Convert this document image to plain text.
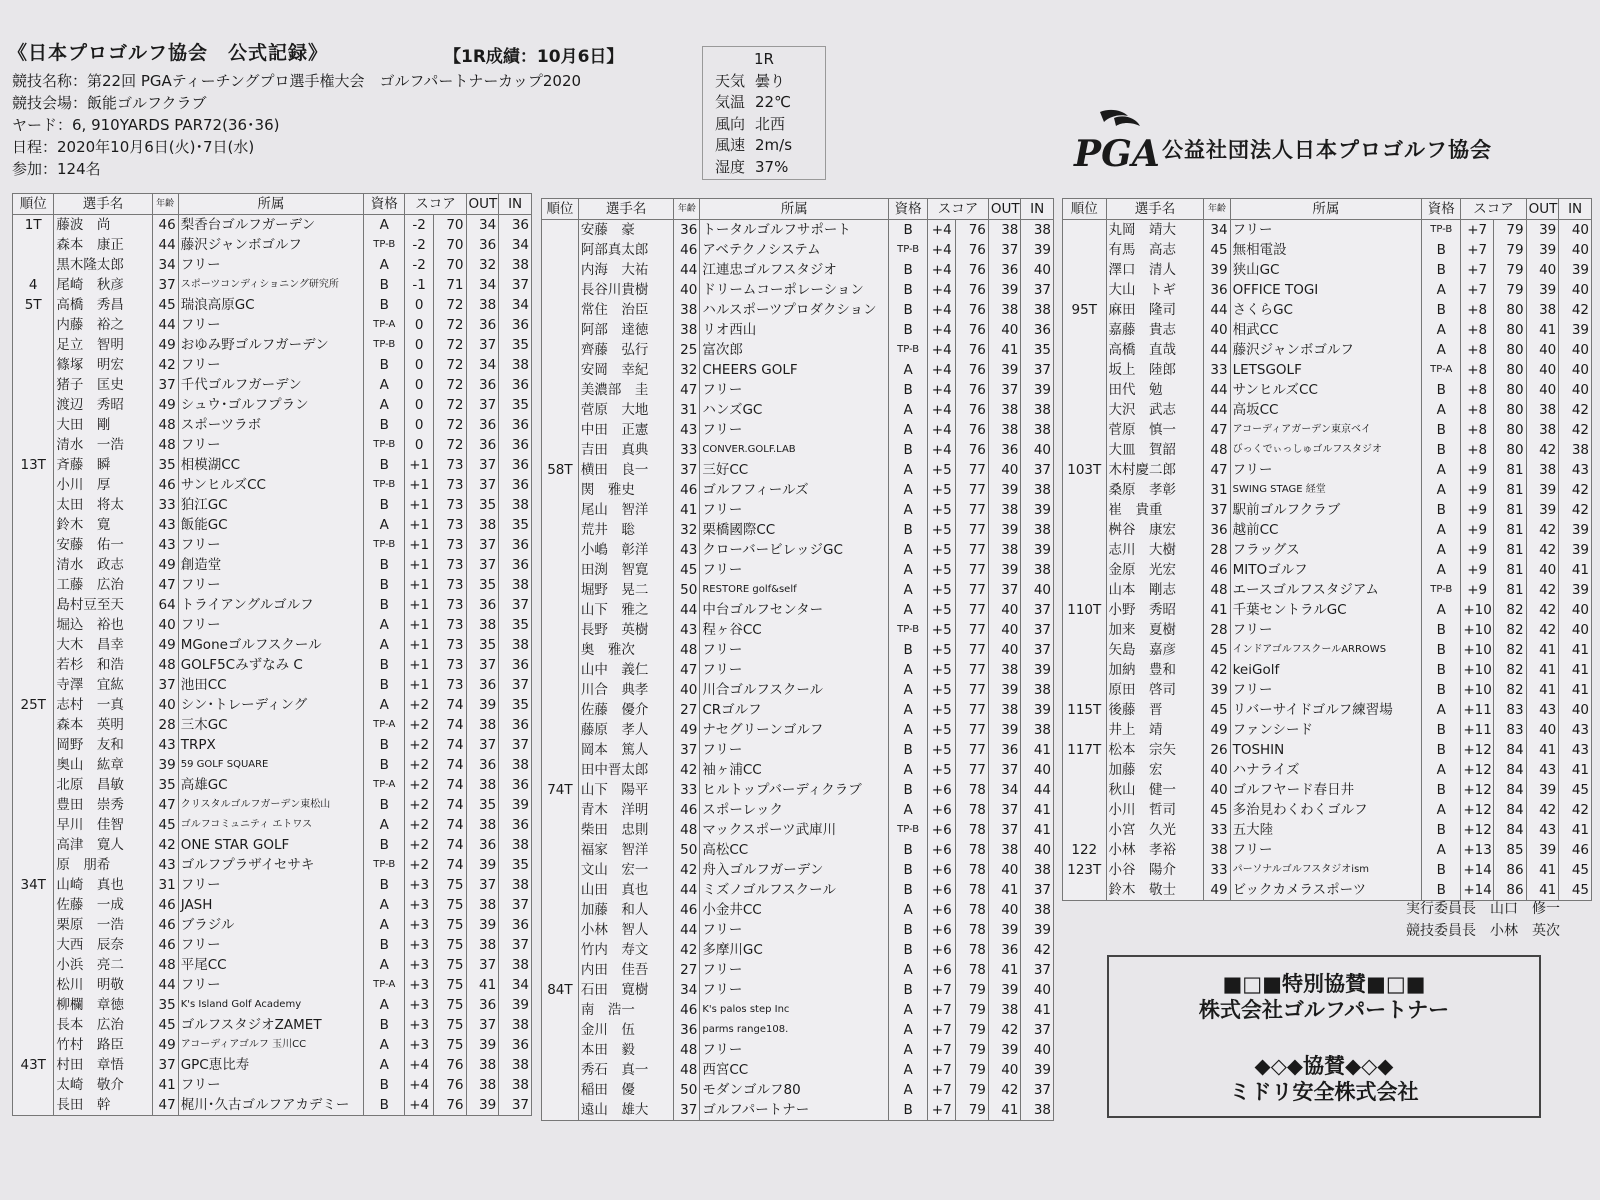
《日本プロゴルフ協会　公式記録》	【1R成績：10月6日】
競技名称：第22回 PGAティーチングプロ選手権大会　ゴルフパートナーカップ2020
競技会場：飯能ゴルフクラブ
ヤード：6, 910YARDS PAR72(36･36)
日程：2020年10月6日(火)･7日(水)
参加：124名
1R
天気 曇り
気温 22℃
風向 北西
風速 2m/s
湿度 37%	PGA 公益社団法人日本プロゴルフ協会
順位	選手名	年齢	所属	資格	スコア		OUT	IN
1T	藤波　尚	46	梨香台ゴルフガーデン	A	-2	70	34	36
	森本　康正	44	藤沢ジャンボゴルフ	TP-B	-2	70	36	34
	黒木隆太郎	34	フリー	A	-2	70	32	38
4	尾崎　秋彦	37	スポーツコンディショニング研究所	B	-1	71	34	37
5T	高橋　秀昌	45	瑞浪高原GC	B	0	72	38	34
	内藤　裕之	44	フリー	TP-A	0	72	36	36
	足立　智明	49	おゆみ野ゴルフガーデン	TP-B	0	72	37	35
	篠塚　明宏	42	フリー	B	0	72	34	38
	猪子　匡史	37	千代ゴルフガーデン	A	0	72	36	36
	渡辺　秀昭	49	シュウ･ゴルフプラン	A	0	72	37	35
	大田　剛	48	スポーツラボ	B	0	72	36	36
	清水　一浩	48	フリー	TP-B	0	72	36	36
13T	斉藤　瞬	35	相模湖CC	B	+1	73	37	36
	小川　厚	46	サンヒルズCC	TP-B	+1	73	37	36
	太田　将太	33	狛江GC	B	+1	73	35	38
	鈴木　寛	43	飯能GC	A	+1	73	38	35
	安藤　佑一	43	フリー	TP-B	+1	73	37	36
	清水　政志	49	創造堂	B	+1	73	37	36
	工藤　広治	47	フリー	B	+1	73	35	38
	島村豆至天	64	トライアングルゴルフ	B	+1	73	36	37
	堀込　裕也	40	フリー	A	+1	73	38	35
	大木　昌幸	49	MGoneゴルフスクール	A	+1	73	35	38
	若杉　和浩	48	GOLF5Cみずなみ C	B	+1	73	37	36
	寺澤　宜紘	37	池田CC	B	+1	73	36	37
25T	志村　一真	40	シン･トレーディング	A	+2	74	39	35
	森本　英明	28	三木GC	TP-A	+2	74	38	36
	岡野　友和	43	TRPX	B	+2	74	37	37
	奥山　紘章	39	59 GOLF SQUARE	B	+2	74	36	38
	北原　昌敏	35	高雄GC	TP-A	+2	74	38	36
	豊田　崇秀	47	クリスタルゴルフガーデン東松山	B	+2	74	35	39
	早川　佳智	45	ゴルフコミュニティ エトワス	A	+2	74	38	36
	高津　寛人	42	ONE STAR GOLF	B	+2	74	36	38
	原　朋希	43	ゴルフプラザイセサキ	TP-B	+2	74	39	35
34T	山崎　真也	31	フリー	B	+3	75	37	38
	佐藤　一成	46	JASH	A	+3	75	38	37
	栗原　一浩	46	ブラジル	A	+3	75	39	36
	大西　辰奈	46	フリー	B	+3	75	38	37
	小浜　亮二	48	平尾CC	A	+3	75	37	38
	松川　明敬	44	フリー	TP-A	+3	75	41	34
	柳欄　章徳	35	K's Island Golf Academy	A	+3	75	36	39
	長本　広治	45	ゴルフスタジオZAMET	B	+3	75	37	38
	竹村　路臣	49	アコーディアゴルフ 玉川CC	A	+3	75	39	36
43T	村田　章悟	37	GPC恵比寿	A	+4	76	38	38
	太崎　敬介	41	フリー	B	+4	76	38	38
	長田　幹	47	梶川･久古ゴルフアカデミー	B	+4	76	39	37
順位	選手名	年齢	所属	資格	スコア		OUT	IN
	安藤　豪	36	トータルゴルフサポート	B	+4	76	38	38
	阿部真太郎	46	アベテクノシステム	TP-B	+4	76	37	39
	内海　大祐	44	江連忠ゴルフスタジオ	B	+4	76	36	40
	長谷川貴樹	40	ドリームコーポレーション	B	+4	76	39	37
	常住　治臣	38	ハルスポーツプロダクション	B	+4	76	38	38
	阿部　達徳	38	リオ西山	B	+4	76	40	36
	齊藤　弘行	25	富次郎	TP-B	+4	76	41	35
	安岡　幸紀	32	CHEERS GOLF	A	+4	76	39	37
	美濃部　圭	47	フリー	B	+4	76	37	39
	菅原　大地	31	ハンズGC	A	+4	76	38	38
	中田　正憲	43	フリー	A	+4	76	38	38
	吉田　真典	33	CONVER.GOLF.LAB	B	+4	76	36	40
58T	横田　良一	37	三好CC	A	+5	77	40	37
	関　雅史	46	ゴルフフィールズ	A	+5	77	39	38
	尾山　智洋	41	フリー	A	+5	77	38	39
	荒井　聡	32	栗橋國際CC	B	+5	77	39	38
	小嶋　彰洋	43	クローバービレッジGC	A	+5	77	38	39
	田渕　智寛	45	フリー	A	+5	77	39	38
	堀野　晃二	50	RESTORE golf&self	A	+5	77	37	40
	山下　雅之	44	中台ゴルフセンター	A	+5	77	40	37
	長野　英樹	43	程ヶ谷CC	TP-B	+5	77	40	37
	奥　雅次	48	フリー	B	+5	77	40	37
	山中　義仁	47	フリー	A	+5	77	38	39
	川合　典孝	40	川合ゴルフスクール	A	+5	77	39	38
	佐藤　優介	27	CRゴルフ	A	+5	77	38	39
	藤原　孝人	49	ナセグリーンゴルフ	A	+5	77	39	38
	岡本　篤人	37	フリー	B	+5	77	36	41
	田中晋太郎	42	袖ヶ浦CC	A	+5	77	37	40
74T	山下　陽平	33	ヒルトップバーディクラブ	B	+6	78	34	44
	青木　洋明	46	スポーレック	A	+6	78	37	41
	柴田　忠則	48	マックスポーツ武庫川	TP-B	+6	78	37	41
	福家　智洋	50	高松CC	B	+6	78	38	40
	文山　宏一	42	舟入ゴルフガーデン	B	+6	78	40	38
	山田　真也	44	ミズノゴルフスクール	B	+6	78	41	37
	加藤　和人	46	小金井CC	A	+6	78	40	38
	小林　智人	44	フリー	B	+6	78	39	39
	竹内　寿文	42	多摩川GC	B	+6	78	36	42
	内田　佳吾	27	フリー	A	+6	78	41	37
84T	石田　寛樹	34	フリー	B	+7	79	39	40
	南　浩一	46	K's palos step Inc	A	+7	79	38	41
	金川　伍	36	parms range108.	A	+7	79	42	37
	本田　毅	48	フリー	A	+7	79	39	40
	秀石　真一	48	西宮CC	A	+7	79	40	39
	稲田　優	50	モダンゴルフ80	A	+7	79	42	37
	遠山　雄大	37	ゴルフパートナー	B	+7	79	41	38
順位	選手名	年齢	所属	資格	スコア		OUT	IN
	丸岡　靖大	34	フリー	TP-B	+7	79	39	40
	有馬　高志	45	無相電設	B	+7	79	39	40
	澤口　清人	39	狭山GC	B	+7	79	40	39
	大山　トギ	36	OFFICE TOGI	A	+7	79	39	40
95T	麻田　隆司	44	さくらGC	B	+8	80	38	42
	嘉藤　貴志	40	相武CC	A	+8	80	41	39
	高橋　直哉	44	藤沢ジャンボゴルフ	A	+8	80	40	40
	坂上　陸郎	33	LETSGOLF	TP-A	+8	80	40	40
	田代　勉	44	サンヒルズCC	B	+8	80	40	40
	大沢　武志	44	高坂CC	A	+8	80	38	42
	菅原　慎一	47	アコーディアガーデン東京ベイ	B	+8	80	38	42
	大皿　賀韶	48	びっくでぃっしゅゴルフスタジオ	B	+8	80	42	38
103T	木村慶二郎	47	フリー	A	+9	81	38	43
	桑原　孝彰	31	SWING STAGE 経堂	A	+9	81	39	42
	崔　貴重	37	駅前ゴルフクラブ	B	+9	81	39	42
	桝谷　康宏	36	越前CC	A	+9	81	42	39
	志川　大樹	28	フラッグス	A	+9	81	42	39
	金原　光宏	46	MITOゴルフ	A	+9	81	40	41
	山本　剛志	48	エースゴルフスタジアム	TP-B	+9	81	42	39
110T	小野　秀昭	41	千葉セントラルGC	A	+10	82	42	40
	加来　夏樹	28	フリー	B	+10	82	42	40
	矢島　嘉彦	45	インドアゴルフスクールARROWS	B	+10	82	41	41
	加納　豊和	42	keiGolf	B	+10	82	41	41
	原田　啓司	39	フリー	B	+10	82	41	41
115T	後藤　晋	45	リバーサイドゴルフ練習場	A	+11	83	43	40
	井上　靖	49	ファンシード	B	+11	83	40	43
117T	松本　宗矢	26	TOSHIN	B	+12	84	41	43
	加藤　宏	40	ハナライズ	A	+12	84	43	41
	秋山　健一	40	ゴルフヤード春日井	B	+12	84	39	45
	小川　哲司	45	多治見わくわくゴルフ	A	+12	84	42	42
	小宮　久光	33	五大陸	B	+12	84	43	41
122	小林　孝裕	38	フリー	A	+13	85	39	46
123T	小谷　陽介	33	パーソナルゴルフスタジオism	B	+14	86	41	45
	鈴木　敬士	49	ビックカメラスポーツ	B	+14	86	41	45
実行委員長　 山口　修一
競技委員長　 小林　英次
■□■特別協賛■□■
株式会社ゴルフパートナー
◆◇◆協賛◆◇◆
ミドリ安全株式会社
